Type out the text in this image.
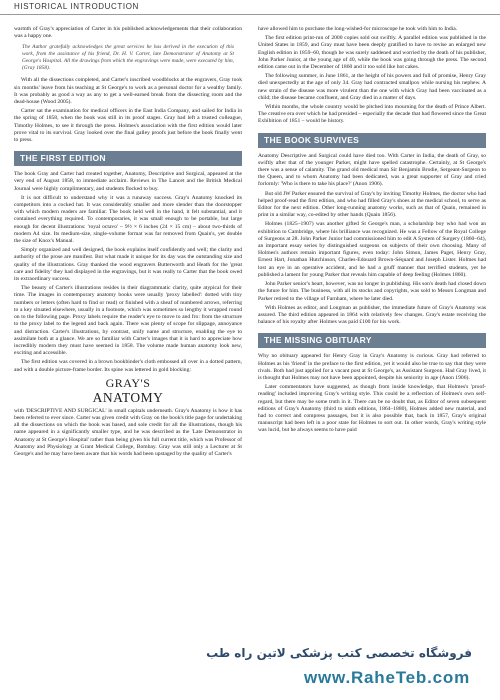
HISTORICAL INTRODUCTION

warmth of Gray's appreciation of Carter in his published acknowledgements that their collaboration was a happy one.

The Author gratefully acknowledges the great services he has derived in the execution of this work, from the assistance of his friend, Dr. H. V. Carter, late Demonstrator of Anatomy at St George's Hospital. All the drawings from which the engravings were made, were executed by him, (Gray 1858).

With all the dissections completed, and Carter's inscribed woodblocks at the engravers, Gray took six months' leave from his teaching at St George's to work as a personal doctor for a wealthy family. It was probably as good a way as any to get a well-earned break from the dissecting room and the dead-house (Wood 2005).

Carter sat the examination for medical officers in the East India Company, and sailed for India in the spring of 1858, when the book was still in its proof stages. Gray had left a trusted colleague, Timothy Holmes, to see it through the press. Holmes's association with the first edition would later prove vital to its survival. Gray looked over the final galley proofs just before the book finally went to press.

THE FIRST EDITION

The book Gray and Carter had created together, Anatomy, Descriptive and Surgical, appeared at the very end of August 1858, to immediate acclaim. Reviews in The Lancet and the British Medical Journal were highly complimentary, and students flocked to buy.

It is not difficult to understand why it was a runaway success. Gray's Anatomy knocked its competitors into a cocked hat. It was considerably smaller and more slender than the doorstopper with which modern readers are familiar. The book held well in the hand, it felt substantial, and it contained everything required. To contemporaries, it was small enough to be portable, but large enough for decent illustrations: 'royal octavo' – 9½ × 6 inches (24 × 15 cm) – about two-thirds of modern A4 size. Its medium-size, single-volume format was far removed from Quain's, yet double the size of Knox's Manual.

Simply organized and well designed, the book explains itself confidently and well; the clarity and authority of the prose are manifest. But what made it unique for its day was the outstanding size and quality of the illustrations. Gray thanked the wood engravers Butterworth and Heath for the 'great care and fidelity' they had displayed in the engravings, but it was really to Carter that the book owed its extraordinary success.

The beauty of Carter's illustrations resides in their diagrammatic clarity, quite atypical for their time. The images in contemporary anatomy books were usually 'proxy labelled': dotted with tiny numbers or letters (often hard to find or read) or finished with a sheaf of numbered arrows, referring to a key situated elsewhere, usually in a footnote, which was sometimes so lengthy it wrapped round on to the following page. Proxy labels require the reader's eye to move to and fro: from the structure to the proxy label to the legend and back again. There was plenty of scope for slippage, annoyance and distraction. Carter's illustrations, by contrast, unify name and structure, enabling the eye to assimilate both at a glance. We are so familiar with Carter's images that it is hard to appreciate how incredibly modern they must have seemed in 1858. The volume made human anatomy look new, exciting and accessible.

The first edition was covered in a brown bookbinder's cloth embossed all over in a dotted pattern, and with a double picture-frame border. Its spine was lettered in gold blocking:

GRAY'S
ANATOMY

with 'DESCRIPTIVE AND SURGICAL' in small capitals underneath. Gray's Anatomy is how it has been referred to ever since. Carter was given credit with Gray on the book's title page for undertaking all the dissections on which the book was based, and sole credit for all the illustrations, though his name appeared in a significantly smaller type, and he was described as the 'Late Demonstrator in Anatomy at St George's Hospital' rather than being given his full current title, which was Professor of Anatomy and Physiology at Grant Medical College, Bombay. Gray was still only a Lecturer at St George's and he may have been aware that his words had been upstaged by the quality of Carter's

have allowed him to purchase the long-wished-for microscope he took with him to India.

The first edition print-run of 2000 copies sold out swiftly. A parallel edition was published in the United States in 1859, and Gray must have been deeply gratified to have to revise an enlarged new English edition in 1859–60, though he was surely saddened and worried by the death of his publisher, John Parker Junior, at the young age of 40, while the book was going through the press. The second edition came out in the December of 1860 and it too sold like hot cakes.

The following summer, in June 1861, at the height of his powers and full of promise, Henry Gray died unexpectedly at the age of only 34. Gray had contracted smallpox while nursing his nephew. A new strain of the disease was more virulent than the one with which Gray had been vaccinated as a child; the disease became confluent, and Gray died in a matter of days.

Within months, the whole country would be pitched into mourning for the death of Prince Albert. The creative era over which he had presided – especially the decade that had flowered since the Great Exhibition of 1851 – would be history.

THE BOOK SURVIVES

Anatomy Descriptive and Surgical could have died too. With Carter in India, the death of Gray, so swiftly after that of the younger Parker, might have spelled catastrophe. Certainly, at St George's there was a sense of calamity. The grand old medical man Sir Benjamin Brodie, Sergeant-Surgeon to the Queen, and to whom Anatomy had been dedicated, was a great supporter of Gray and cried forlornly: 'Who is there to take his place?' (Anon 1906).

But old JW Parker ensured the survival of Gray's by inviting Timothy Holmes, the doctor who had helped proof-read the first edition, and who had filled Gray's shoes at the medical school, to serve as Editor for the next edition. Other long-running anatomy works, such as that of Quain, remained in print in a similar way, co-edited by other hands (Quain 1856).

Holmes (1825–1907) was another gifted St George's man, a scholarship boy who had won an exhibition to Cambridge, where his brilliance was recognized. He was a Fellow of the Royal College of Surgeons at 28. John Parker Junior had commissioned him to edit A System of Surgery (1860–64), an important essay series by distinguished surgeons on subjects of their own choosing. Many of Holmes's authors remain important figures, even today: John Simon, James Paget, Henry Gray, Ernest Hart, Jonathan Hutchinson, Charles-Edouard Brown-Séquard and Joseph Lister. Holmes had lost an eye in an operative accident, and he had a gruff manner that terrified students, yet he published a lament for young Parker that reveals him capable of deep feeling (Holmes 1860).

John Parker senior's heart, however, was no longer in publishing. His son's death had closed down the future for him. The business, with all its stocks and copyrights, was sold to Messrs Longman and Parker retired to the village of Farnham, where he later died.

With Holmes as editor, and Longman as publisher, the immediate future of Gray's Anatomy was assured. The third edition appeared in 1864 with relatively few changes. Gray's estate receiving the balance of his royalty after Holmes was paid £100 for his work.

THE MISSING OBITUARY

Why no obituary appeared for Henry Gray in Gray's Anatomy is curious. Gray had referred to Holmes as his 'friend' in the preface to the first edition, yet it would also be true to say that they were rivals. Both had just applied for a vacant post at St George's, as Assistant Surgeon. Had Gray lived, it is thought that Holmes may not have been appointed, despite his seniority in age (Anon 1906).

Later commentators have suggested, as though from inside knowledge, that Holmes's 'proof-reading' included improving Gray's writing style. This could be a reflection of Holmes's own self-regard, but there may be some truth in it. There can be no doubt that, as Editor of seven subsequent editions of Gray's Anatomy (third to ninth editions, 1864–1880), Holmes added new material, and had to correct and compress passages, but it is also possible that, back in 1857, Gray's original manuscript had been left in a poor state for Holmes to sort out. In other words, Gray's writing style was lucid, but he always seems to have paid

فروشگاه تخصصی کتب پزشکی لاتین راه طب
www.RaheTeb.com
